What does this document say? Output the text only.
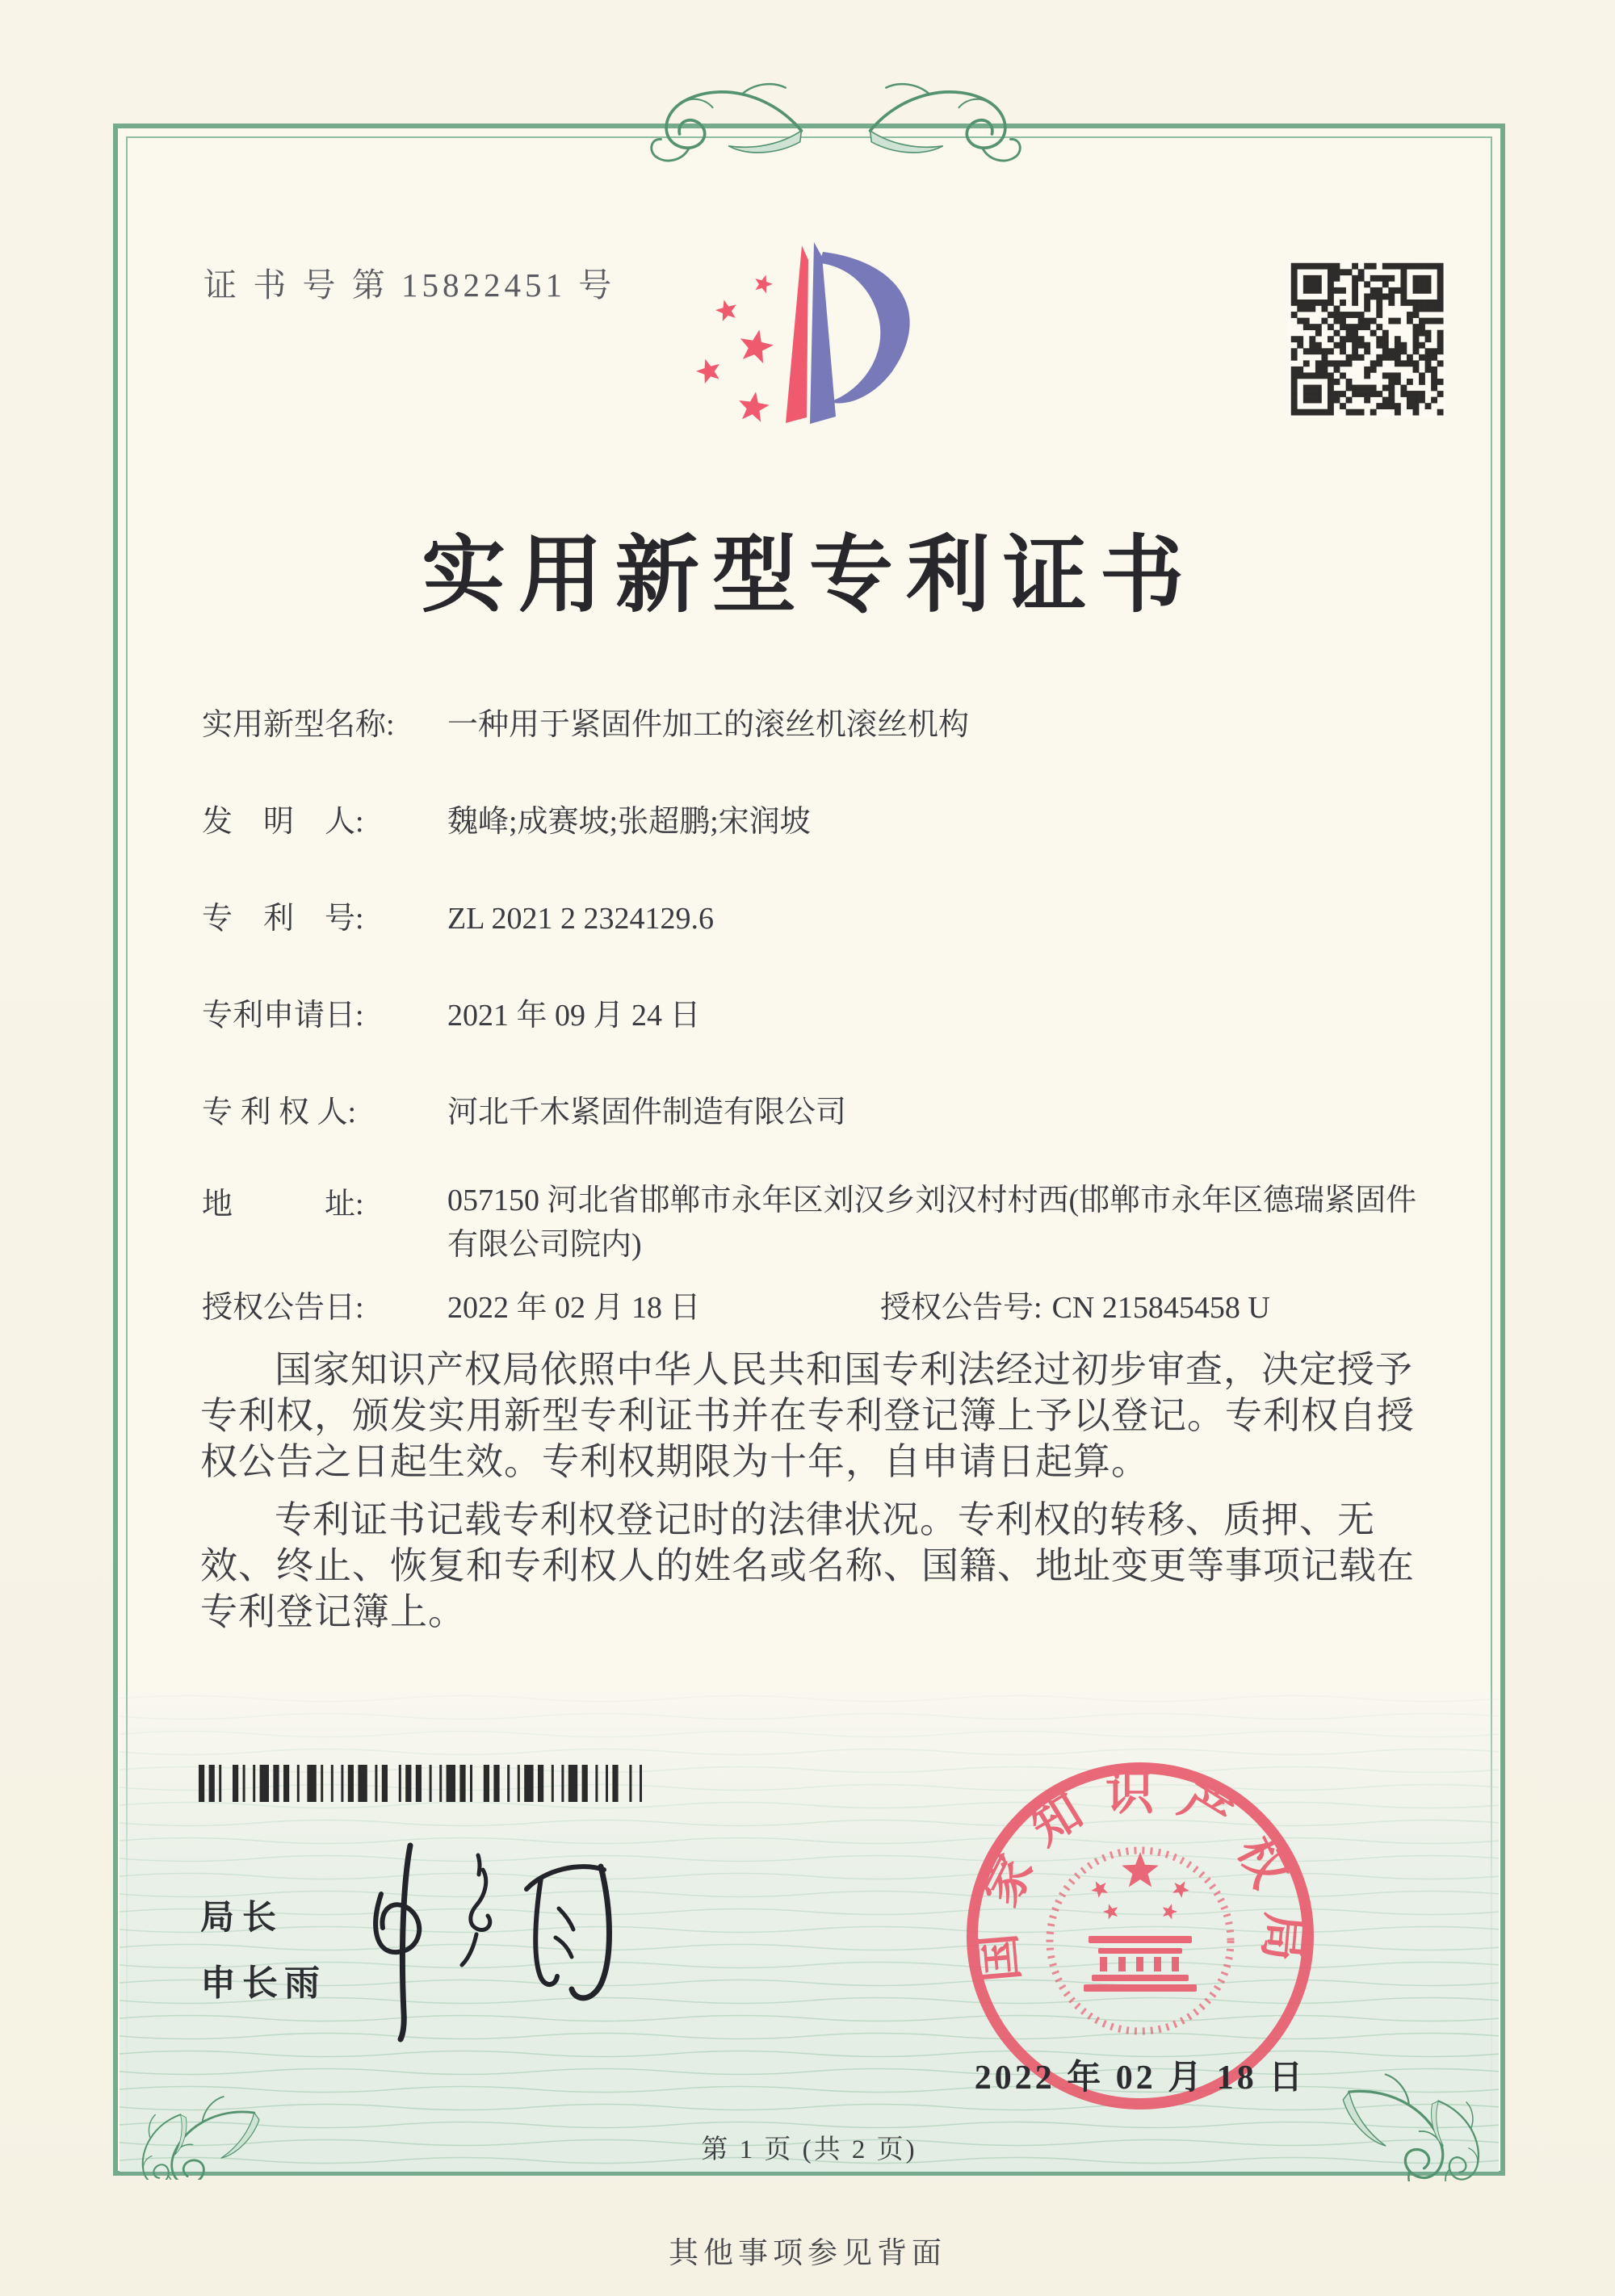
证 书 号 第 15822451 号
实用新型专利证书
实用新型名称: 一种用于紧固件加工的滚丝机滚丝机构
发　明　人:	魏峰;成赛坡;张超鹏;宋润坡
专　利　号:	ZL 2021 2 2324129.6
专利申请日:	2021 年 09 月 24 日
专 利 权 人:	河北千木紧固件制造有限公司
地　　　址:	057150 河北省邯郸市永年区刘汉乡刘汉村村西(邯郸市永年区德瑞紧固件有限公司院内)
授权公告日:	2022 年 02 月 18 日	授权公告号: CN 215845458 U

国家知识产权局依照中华人民共和国专利法经过初步审查，决定授予专利权，颁发实用新型专利证书并在专利登记簿上予以登记。专利权自授权公告之日起生效。专利权期限为十年，自申请日起算。

专利证书记载专利权登记时的法律状况。专利权的转移、质押、无效、终止、恢复和专利权人的姓名或名称、国籍、地址变更等事项记载在专利登记簿上。

局长
申长雨	国家知识产权局
2022 年 02 月 18 日
第 1 页 (共 2 页)
其他事项参见背面
